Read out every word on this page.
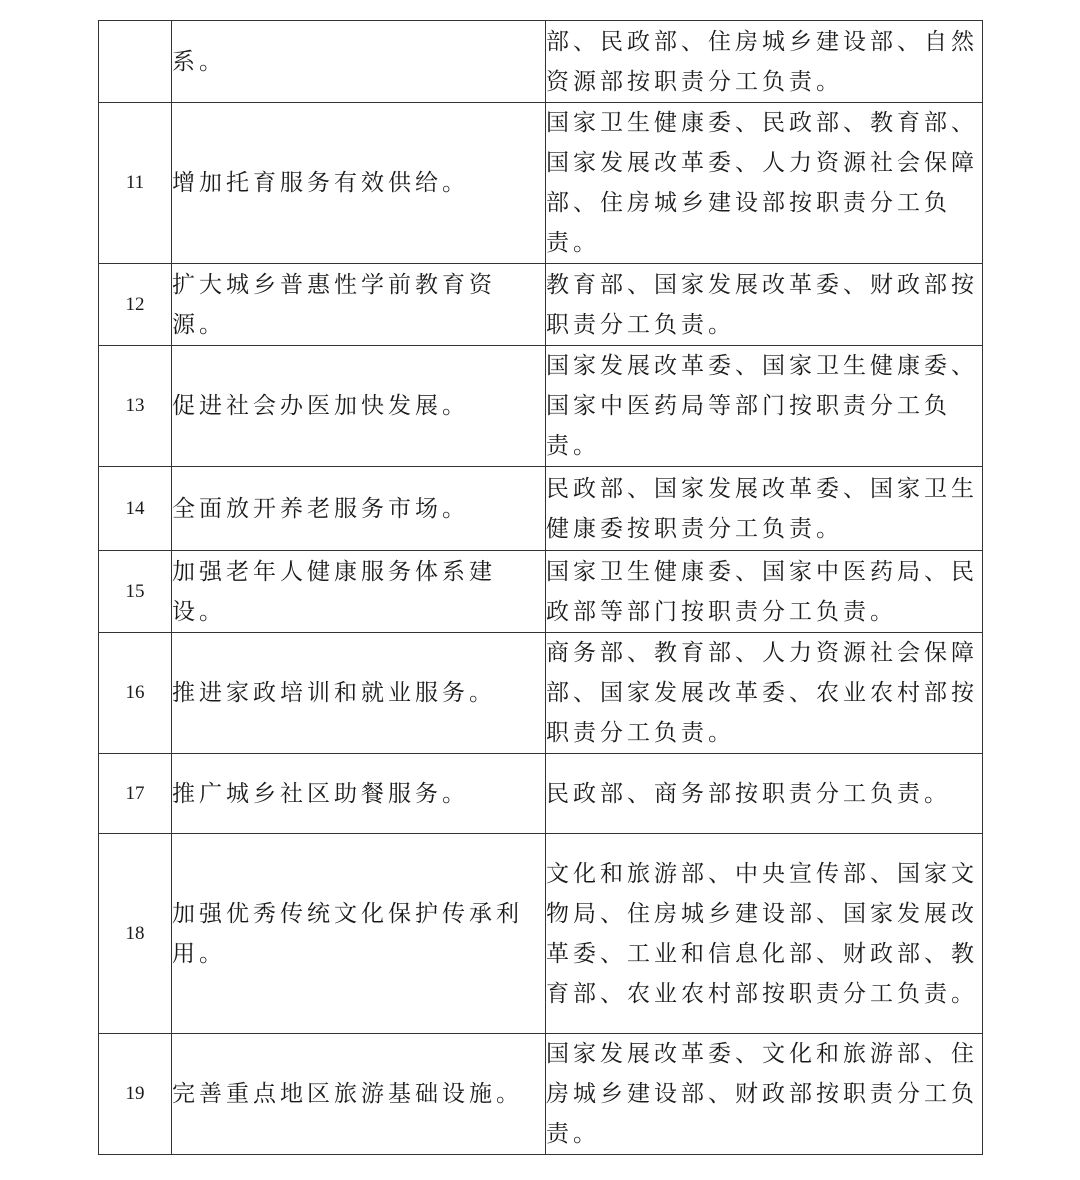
	系。	部、民政部、住房城乡建设部、自然资源部按职责分工负责。

11	增加托育服务有效供给。	国家卫生健康委、民政部、教育部、国家发展改革委、人力资源社会保障部、住房城乡建设部按职责分工负责。

12	扩大城乡普惠性学前教育资源。	教育部、国家发展改革委、财政部按职责分工负责。

13	促进社会办医加快发展。	国家发展改革委、国家卫生健康委、国家中医药局等部门按职责分工负责。

14	全面放开养老服务市场。	民政部、国家发展改革委、国家卫生健康委按职责分工负责。

15	加强老年人健康服务体系建设。	国家卫生健康委、国家中医药局、民政部等部门按职责分工负责。

16	推进家政培训和就业服务。	商务部、教育部、人力资源社会保障部、国家发展改革委、农业农村部按职责分工负责。

17	推广城乡社区助餐服务。	民政部、商务部按职责分工负责。

18	加强优秀传统文化保护传承利用。	文化和旅游部、中央宣传部、国家文物局、住房城乡建设部、国家发展改革委、工业和信息化部、财政部、教育部、农业农村部按职责分工负责。

19	完善重点地区旅游基础设施。	国家发展改革委、文化和旅游部、住房城乡建设部、财政部按职责分工负责。
